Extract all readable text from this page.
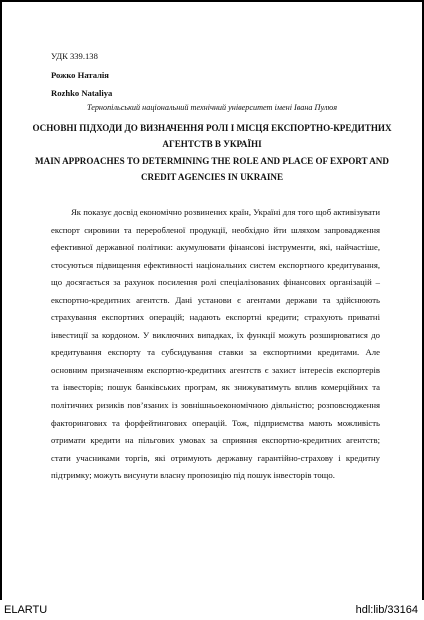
УДК 339.138
Рожко Наталія
Rozhko Nataliya
Тернопільський національний технічний університет імені Івана Пулюя
ОСНОВНІ ПІДХОДИ ДО ВИЗНАЧЕННЯ РОЛІ І МІСЦЯ ЕКСПОРТНО-КРЕДИТНИХ АГЕНТСТВ В УКРАЇНІ
MAIN APPROACHES TO DETERMINING THE ROLE AND PLACE OF EXPORT AND CREDIT AGENCIES IN UKRAINE
Як показує досвід економічно розвинених країн, Україні для того щоб активізувати експорт сировини та переробленої продукції, необхідно йти шляхом запровадження ефективної державної політики: акумулювати фінансові інструменти, які, найчастіше, стосуються підвищення ефективності національних систем експортного кредитування, що досягається за рахунок посилення ролі спеціалізованих фінансових організацій – експортно-кредитних агентств. Дані установи є агентами держави та здійснюють страхування експортних операцій; надають експортні кредити; страхують приватні інвестиції за кордоном. У виключних випадках, їх функції можуть розширюватися до кредитування експорту та субсидування ставки за експортними кредитами. Але основним призначенням експортно-кредитних агентств є захист інтересів експортерів та інвесторів; пошук банківських програм, як знижуватимуть вплив комерційних та політичних ризиків пов’язаних із зовнішньоекономічною діяльністю; розповсюдження факторингових та форфейтингових операцій. Тож, підприємства мають можливість отримати кредити на пільгових умовах за сприяння експортно-кредитних агентств; стати учасниками торгів, які отримують державну гарантійно-страхову і кредитну підтримку; можуть висунути власну пропозицію під пошук інвесторів тощо.
ELARTU	hdl:lib/33164
